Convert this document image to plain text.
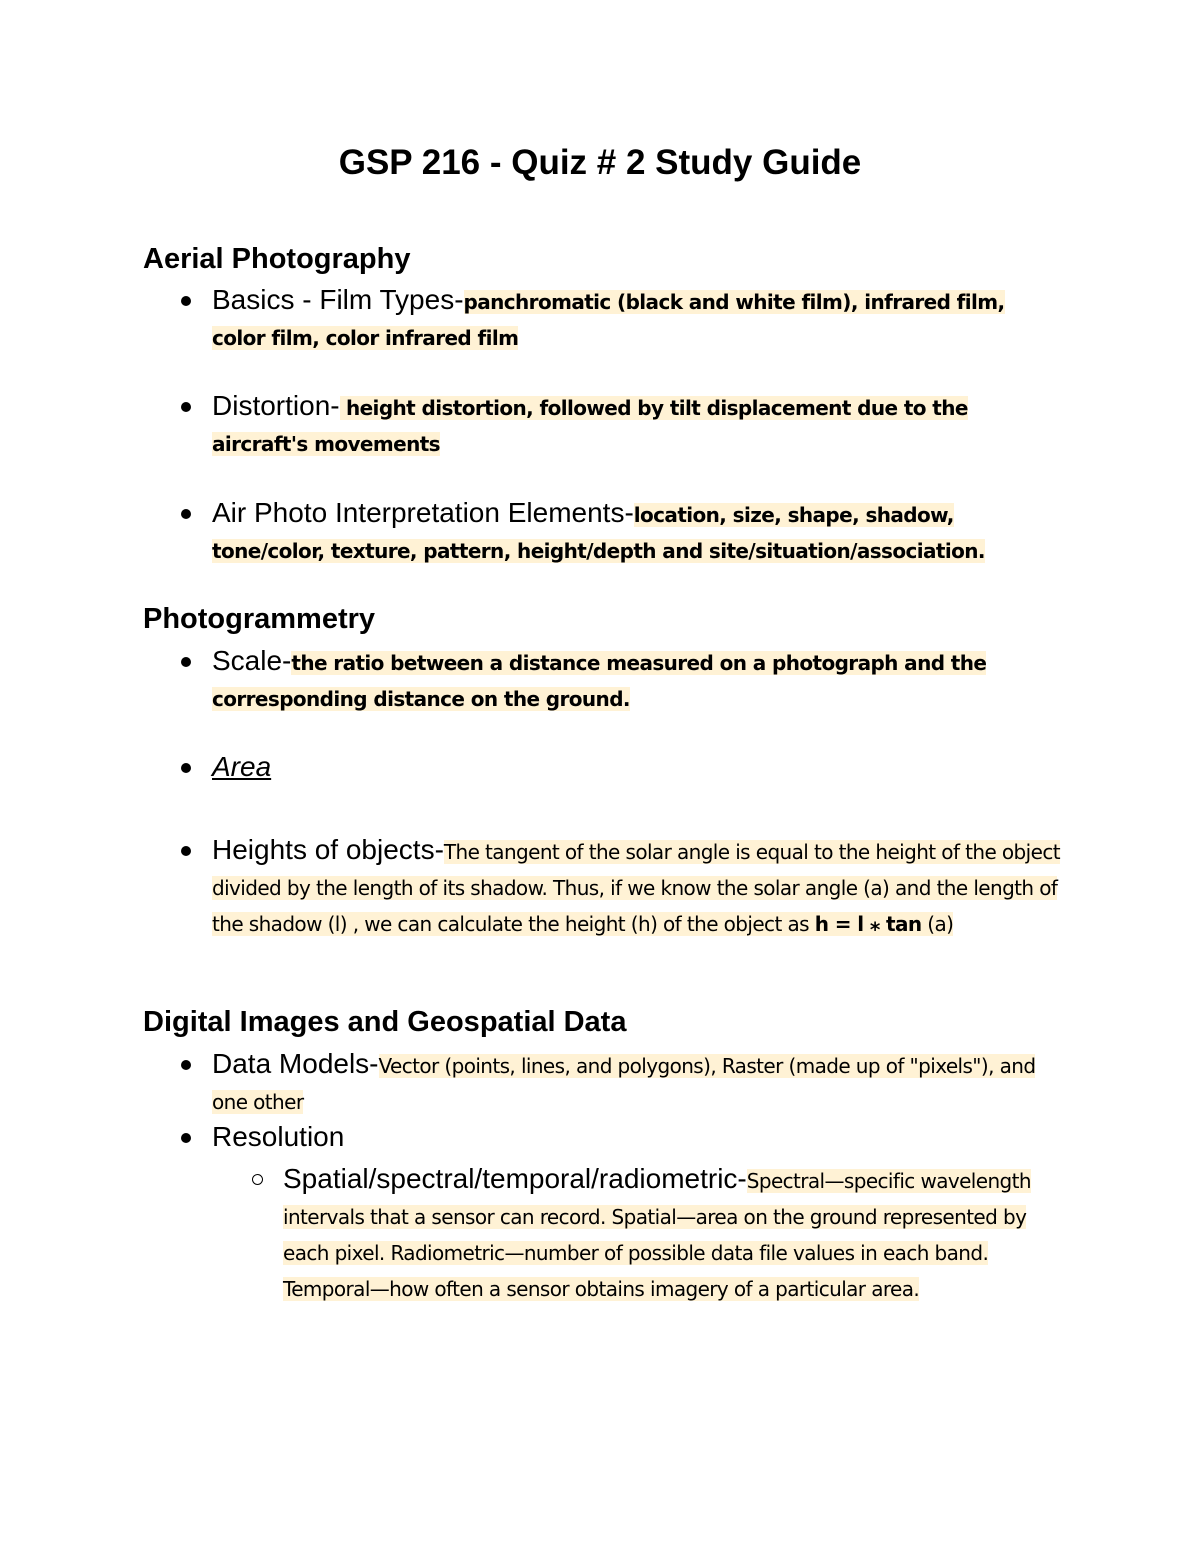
GSP 216 - Quiz # 2 Study Guide
Aerial Photography
Basics - Film Types-panchromatic (black and white film), infrared film, color film, color infrared film
Distortion- height distortion, followed by tilt displacement due to the aircraft's movements
Air Photo Interpretation Elements-location, size, shape, shadow, tone/color, texture, pattern, height/depth and site/situation/association.
Photogrammetry
Scale-the ratio between a distance measured on a photograph and the corresponding distance on the ground.
Area
Heights of objects-The tangent of the solar angle is equal to the height of the object divided by the length of its shadow. Thus, if we know the solar angle (a) and the length of the shadow (l) , we can calculate the height (h) of the object as h = l ⁎ tan (a)
Digital Images and Geospatial Data
Data Models-Vector (points, lines, and polygons), Raster (made up of "pixels"), and one other
Resolution
Spatial/spectral/temporal/radiometric-Spectral—specific wavelength intervals that a sensor can record. Spatial—area on the ground represented by each pixel. Radiometric—number of possible data file values in each band. Temporal—how often a sensor obtains imagery of a particular area.
